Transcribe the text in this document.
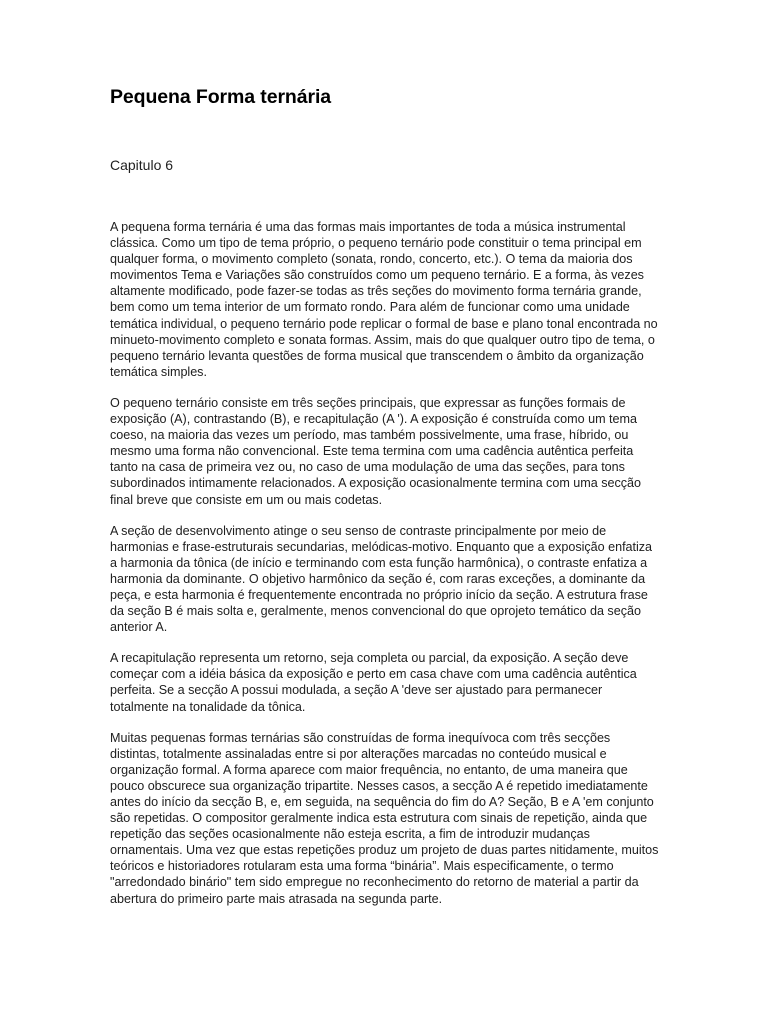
Pequena Forma ternária
Capitulo 6

A pequena forma ternária é uma das formas mais importantes de toda a música instrumental clássica. Como um tipo de tema próprio, o pequeno ternário pode constituir o tema principal em qualquer forma, o movimento completo (sonata, rondo, concerto, etc.). O tema da maioria dos movimentos Tema e Variações são construídos como um pequeno ternário. E a forma, às vezes altamente modificado, pode fazer-se todas as três seções do movimento forma ternária grande, bem como um tema interior de um formato rondo. Para além de funcionar como uma unidade temática individual, o pequeno ternário pode replicar o formal de base e plano tonal encontrada no minueto-movimento completo e sonata formas. Assim, mais do que qualquer outro tipo de tema, o pequeno ternário levanta questões de forma musical que transcendem o âmbito da organização temática simples.

O pequeno ternário consiste em três seções principais, que expressar as funções formais de exposição (A), contrastando (B), e recapitulação (A '). A exposição é construída como um tema coeso, na maioria das vezes um período, mas também possivelmente, uma frase, híbrido, ou mesmo uma forma não convencional. Este tema termina com uma cadência autêntica perfeita tanto na casa de primeira vez ou, no caso de uma modulação de uma das seções, para tons subordinados intimamente relacionados. A exposição ocasionalmente termina com uma secção final breve que consiste em um ou mais codetas.

A seção de desenvolvimento atinge o seu senso de contraste principalmente por meio de harmonias e frase-estruturais secundarias, melódicas-motivo. Enquanto que a exposição enfatiza a harmonia da tônica (de início e terminando com esta função harmônica), o contraste enfatiza a harmonia da dominante. O objetivo harmônico da seção é, com raras exceções, a dominante da peça, e esta harmonia é frequentemente encontrada no próprio início da seção. A estrutura frase da seção B é mais solta e, geralmente, menos convencional do que oprojeto temático da seção anterior A.

A recapitulação representa um retorno, seja completa ou parcial, da exposição. A seção deve começar com a idéia básica da exposição e perto em casa chave com uma cadência autêntica perfeita. Se a secção A possui modulada, a seção A 'deve ser ajustado para permanecer totalmente na tonalidade da tônica.

Muitas pequenas formas ternárias são construídas de forma inequívoca com três secções distintas, totalmente assinaladas entre si por alterações marcadas no conteúdo musical e organização formal. A forma aparece com maior frequência, no entanto, de uma maneira que pouco obscurece sua organização tripartite. Nesses casos, a secção A é repetido imediatamente antes do início da secção B, e, em seguida, na sequência do fim do A? Seção, B e A 'em conjunto são repetidas. O compositor geralmente indica esta estrutura com sinais de repetição, ainda que repetição das seções ocasionalmente não esteja escrita, a fim de introduzir mudanças ornamentais. Uma vez que estas repetições produz um projeto de duas partes nitidamente, muitos teóricos e historiadores rotularam esta uma forma “binária”. Mais especificamente, o termo "arredondado binário" tem sido empregue no reconhecimento do retorno de material a partir da abertura do primeiro parte mais atrasada na segunda parte.
